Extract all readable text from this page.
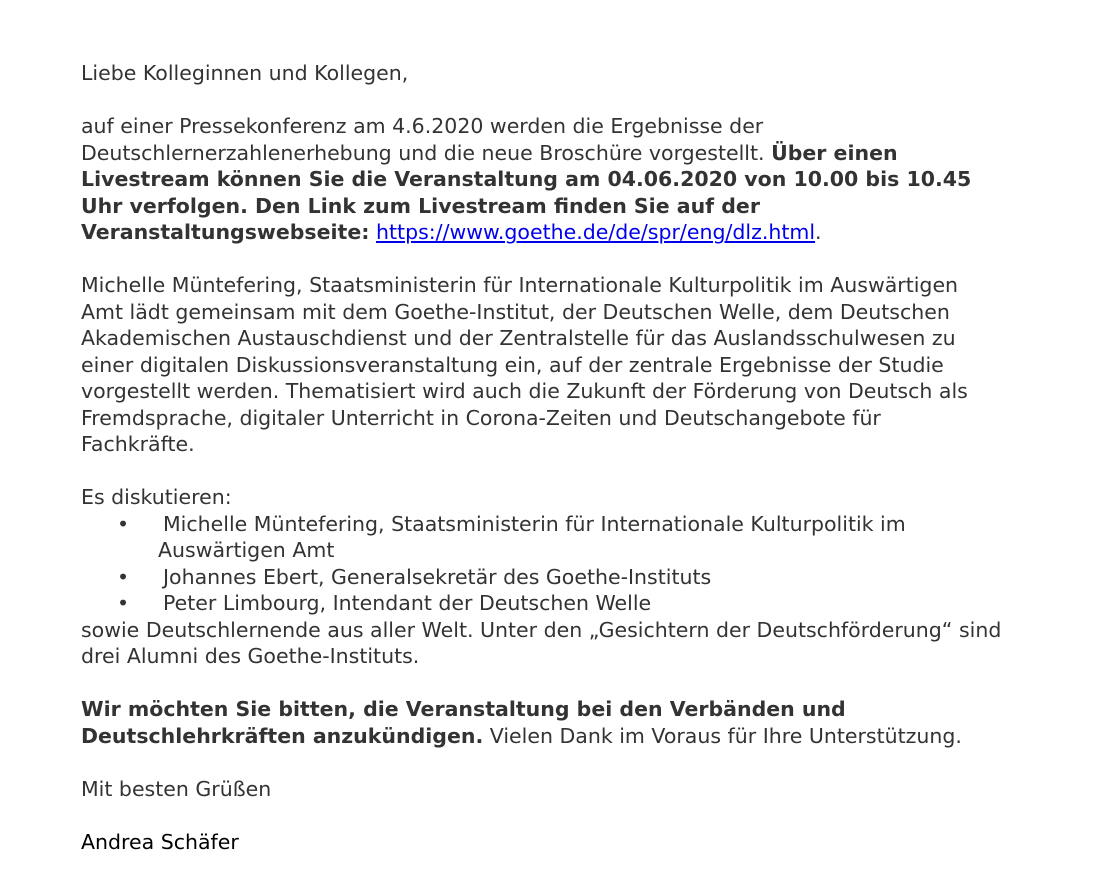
Liebe Kolleginnen und Kollegen,

auf einer Pressekonferenz am 4.6.2020 werden die Ergebnisse der
Deutschlernerzahlenerhebung und die neue Broschüre vorgestellt. Über einen
Livestream können Sie die Veranstaltung am 04.06.2020 von 10.00 bis 10.45
Uhr verfolgen. Den Link zum Livestream finden Sie auf der
Veranstaltungswebseite: https://www.goethe.de/de/spr/eng/dlz.html.

Michelle Müntefering, Staatsministerin für Internationale Kulturpolitik im Auswärtigen
Amt lädt gemeinsam mit dem Goethe-Institut, der Deutschen Welle, dem Deutschen
Akademischen Austauschdienst und der Zentralstelle für das Auslandsschulwesen zu
einer digitalen Diskussionsveranstaltung ein, auf der zentrale Ergebnisse der Studie
vorgestellt werden. Thematisiert wird auch die Zukunft der Förderung von Deutsch als
Fremdsprache, digitaler Unterricht in Corona-Zeiten und Deutschangebote für
Fachkräfte.

Es diskutieren:
• Michelle Müntefering, Staatsministerin für Internationale Kulturpolitik im
Auswärtigen Amt
• Johannes Ebert, Generalsekretär des Goethe-Instituts
• Peter Limbourg, Intendant der Deutschen Welle
sowie Deutschlernende aus aller Welt. Unter den „Gesichtern der Deutschförderung“ sind
drei Alumni des Goethe-Instituts.

Wir möchten Sie bitten, die Veranstaltung bei den Verbänden und
Deutschlehrkräften anzukündigen. Vielen Dank im Voraus für Ihre Unterstützung.

Mit besten Grüßen

Andrea Schäfer
